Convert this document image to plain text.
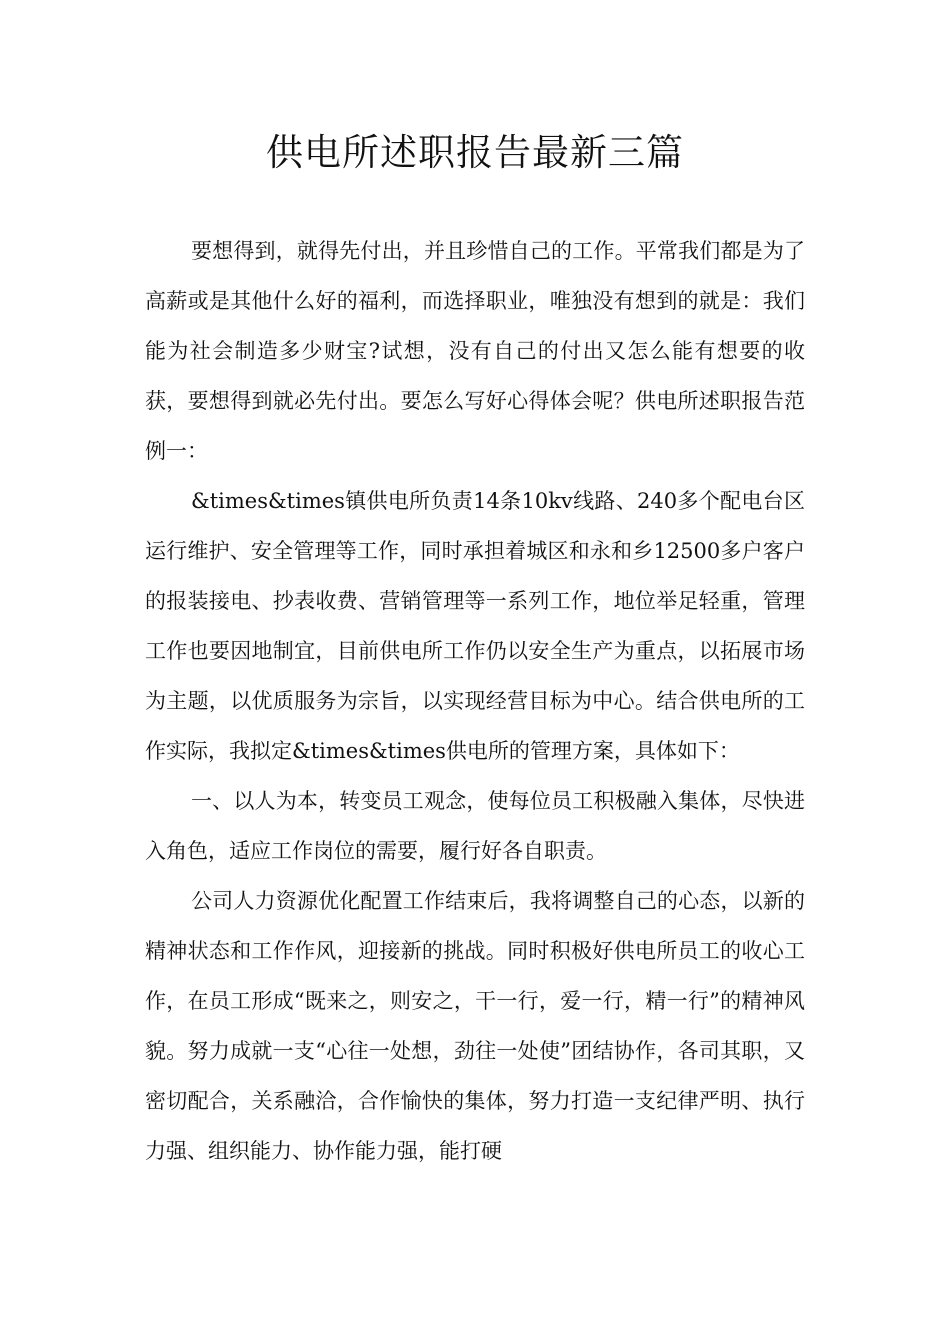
供电所述职报告最新三篇

要想得到，就得先付出，并且珍惜自己的工作。平常我们都是为了高薪或是其他什么好的福利，而选择职业，唯独没有想到的就是：我们能为社会制造多少财宝?试想，没有自己的付出又怎么能有想要的收获，要想得到就必先付出。要怎么写好心得体会呢？供电所述职报告范例一：

&times&times镇供电所负责14条10kv线路、240多个配电台区运行维护、安全管理等工作，同时承担着城区和永和乡12500多户客户的报装接电、抄表收费、营销管理等一系列工作，地位举足轻重，管理工作也要因地制宜，目前供电所工作仍以安全生产为重点，以拓展市场为主题，以优质服务为宗旨，以实现经营目标为中心。结合供电所的工作实际，我拟定&times&times供电所的管理方案，具体如下：

一、以人为本，转变员工观念，使每位员工积极融入集体，尽快进入角色，适应工作岗位的需要，履行好各自职责。

公司人力资源优化配置工作结束后，我将调整自己的心态，以新的精神状态和工作作风，迎接新的挑战。同时积极好供电所员工的收心工作，在员工形成“既来之，则安之，干一行，爱一行，精一行”的精神风貌。努力成就一支“心往一处想，劲往一处使”团结协作，各司其职，又密切配合，关系融洽，合作愉快的集体，努力打造一支纪律严明、执行力强、组织能力、协作能力强，能打硬
